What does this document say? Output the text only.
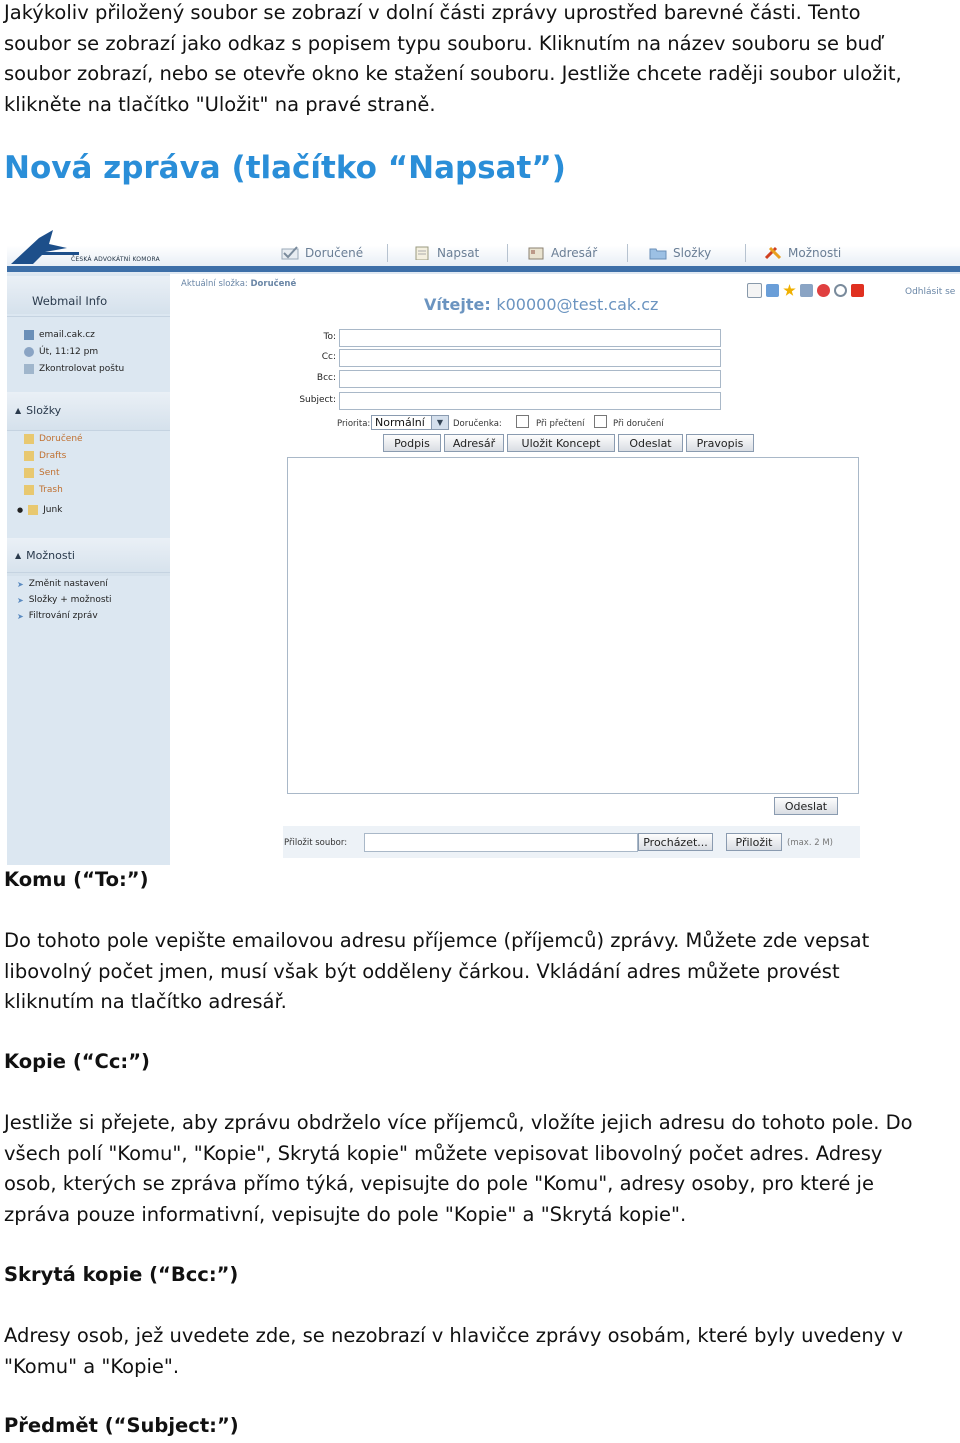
Jakýkoliv přiložený soubor se zobrazí v dolní části zprávy uprostřed barevné části. Tento
soubor se zobrazí jako odkaz s popisem typu souboru. Kliknutím na název souboru se buď
soubor zobrazí, nebo se otevře okno ke stažení souboru. Jestliže chcete raději soubor uložit,
klikněte na tlačítko "Uložit" na pravé straně.
Nová zpráva (tlačítko “Napsat”)
ČESKÁ ADVOKÁTNÍ KOMORA	Doručené	Napsat	Adresář	Složky	Možnosti
Webmail Info
email.cak.cz
Út, 11:12 pm
Zkontrolovat poštu
▲ Složky
Doručené
Drafts
Sent
Trash
● Junk
▲ Možnosti
➤ Změnit nastavení
➤ Složky + možnosti
➤ Filtrování zpráv
Aktuální složka: Doručené
Vítejte: k00000@test.cak.cz
Odhlásit se
To:
Cc:
Bcc:
Subject:
Priorita: Normální	▼	Doručenka:	Při přečtení	Při doručení
Podpis	Adresář	Uložit Koncept	Odeslat	Pravopis
Odeslat
Přiložit soubor:	Procházet...	Přiložit	(max. 2 M)
Komu (“To:”)
Do tohoto pole vepište emailovou adresu příjemce (příjemců) zprávy. Můžete zde vepsat
libovolný počet jmen, musí však být odděleny čárkou. Vkládání adres můžete provést
kliknutím na tlačítko adresář.
Kopie (“Cc:”)
Jestliže si přejete, aby zprávu obdrželo více příjemců, vložíte jejich adresu do tohoto pole. Do
všech polí "Komu", "Kopie", Skrytá kopie" můžete vepisovat libovolný počet adres. Adresy
osob, kterých se zpráva přímo týká, vepisujte do pole "Komu", adresy osoby, pro které je
zpráva pouze informativní, vepisujte do pole "Kopie" a "Skrytá kopie".
Skrytá kopie (“Bcc:”)
Adresy osob, jež uvedete zde, se nezobrazí v hlavičce zprávy osobám, které byly uvedeny v
"Komu" a "Kopie".
Předmět (“Subject:”)
